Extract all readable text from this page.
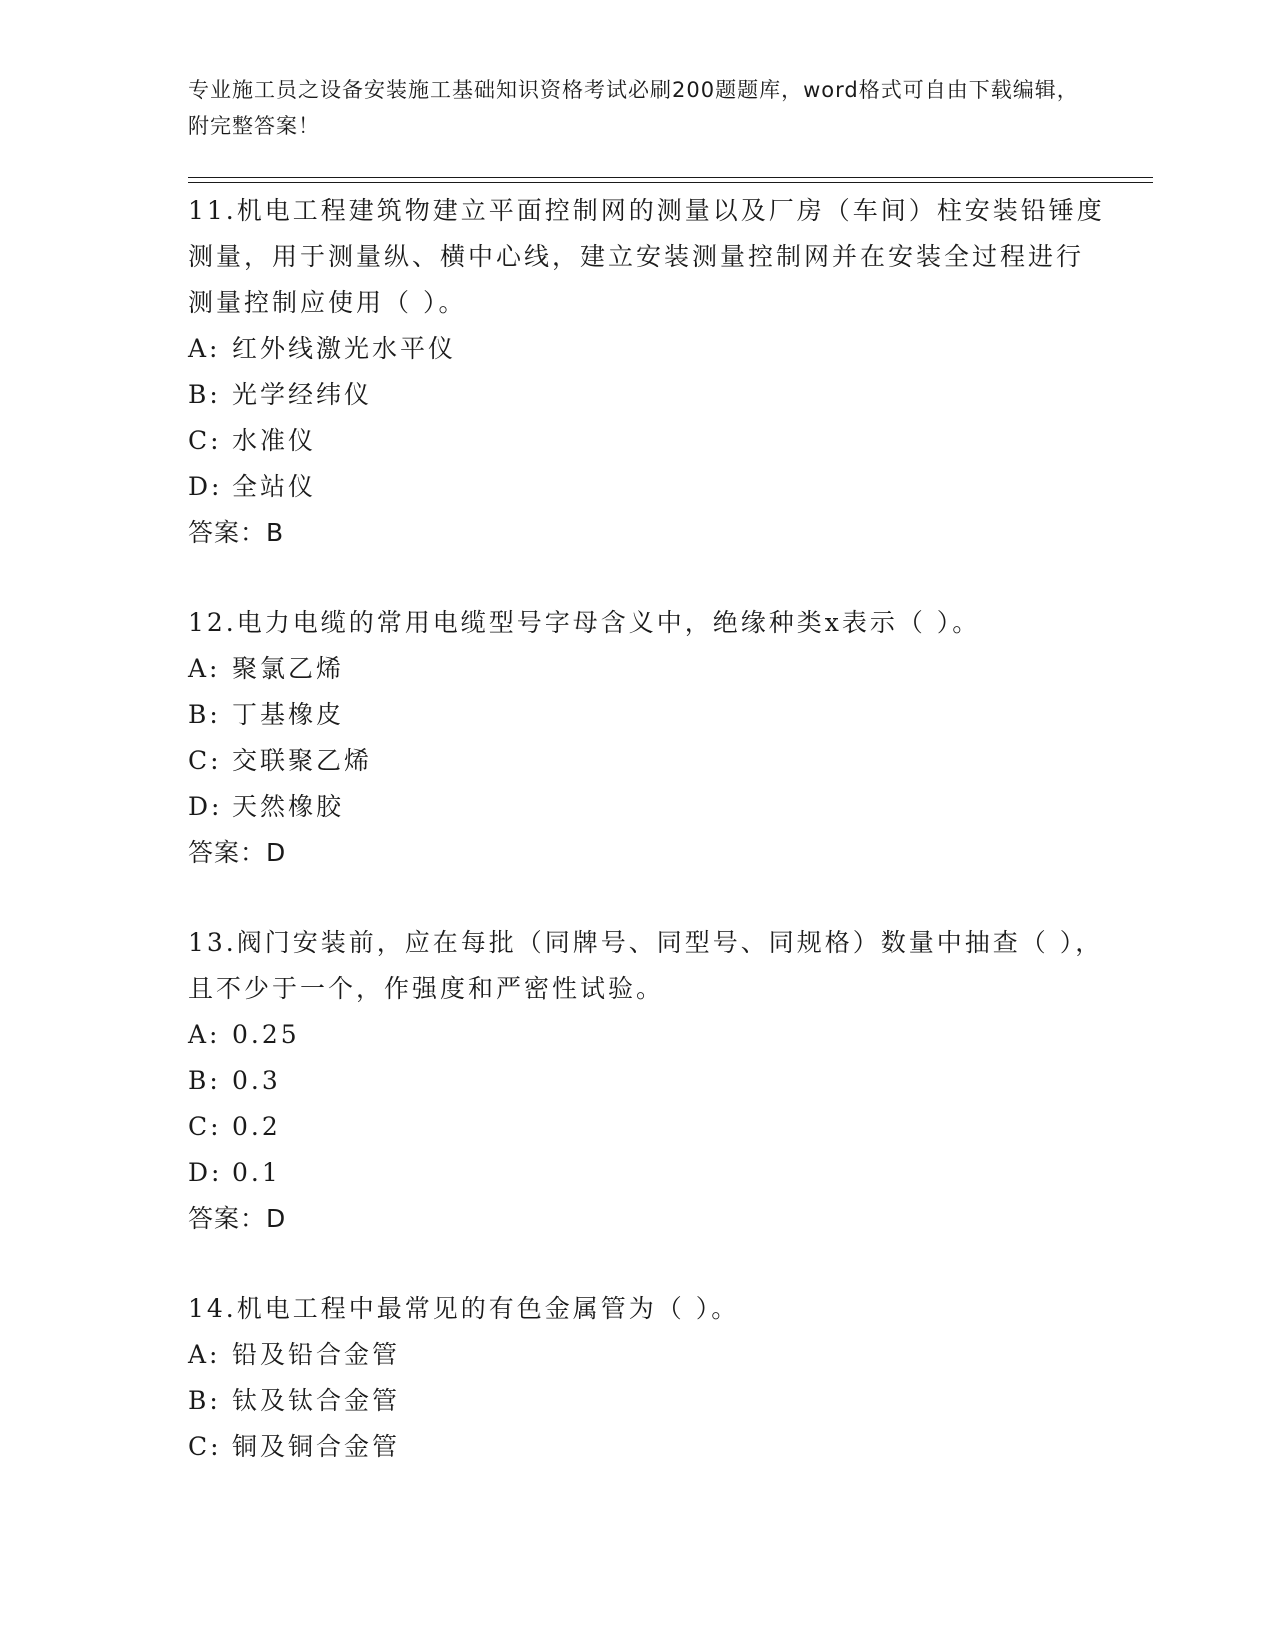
专业施工员之设备安装施工基础知识资格考试必刷200题题库，word格式可自由下载编辑，附完整答案！

11.机电工程建筑物建立平面控制网的测量以及厂房（车间）柱安装铅锤度测量，用于测量纵、横中心线，建立安装测量控制网并在安装全过程进行测量控制应使用（ ）。

A: 红外线激光水平仪

B: 光学经纬仪

C: 水准仪

D: 全站仪

答案：B

12.电力电缆的常用电缆型号字母含义中，绝缘种类x表示（ ）。

A: 聚氯乙烯

B: 丁基橡皮

C: 交联聚乙烯

D: 天然橡胶

答案：D

13.阀门安装前，应在每批（同牌号、同型号、同规格）数量中抽查（ ），且不少于一个，作强度和严密性试验。

A: 0.25

B: 0.3

C: 0.2

D: 0.1

答案：D

14.机电工程中最常见的有色金属管为（ ）。

A: 铅及铅合金管

B: 钛及钛合金管

C: 铜及铜合金管
